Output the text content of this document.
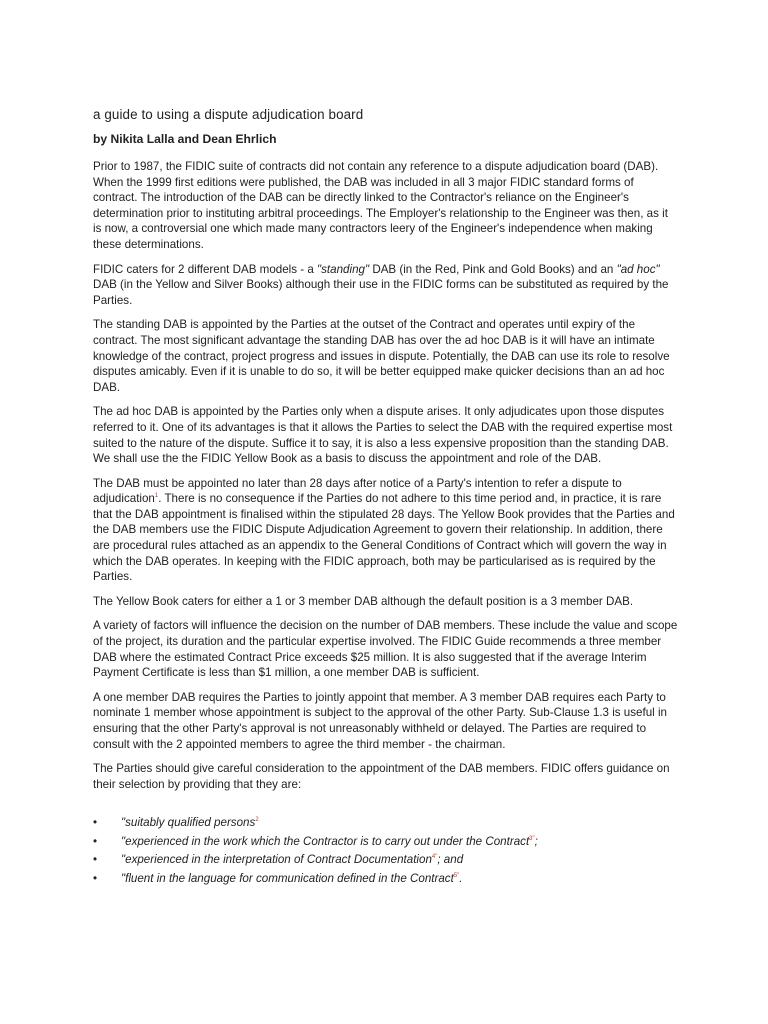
a guide to using a dispute adjudication board
by Nikita Lalla and Dean Ehrlich

Prior to 1987, the FIDIC suite of contracts did not contain any reference to a dispute adjudication board (DAB). When the 1999 first editions were published, the DAB was included in all 3 major FIDIC standard forms of contract. The introduction of the DAB can be directly linked to the Contractor's reliance on the Engineer's determination prior to instituting arbitral proceedings. The Employer's relationship to the Engineer was then, as it is now, a controversial one which made many contractors leery of the Engineer's independence when making these determinations.

FIDIC caters for 2 different DAB models - a "standing" DAB (in the Red, Pink and Gold Books) and an "ad hoc" DAB (in the Yellow and Silver Books) although their use in the FIDIC forms can be substituted as required by the Parties.

The standing DAB is appointed by the Parties at the outset of the Contract and operates until expiry of the contract. The most significant advantage the standing DAB has over the ad hoc DAB is it will have an intimate knowledge of the contract, project progress and issues in dispute. Potentially, the DAB can use its role to resolve disputes amicably. Even if it is unable to do so, it will be better equipped make quicker decisions than an ad hoc DAB.

The ad hoc DAB is appointed by the Parties only when a dispute arises. It only adjudicates upon those disputes referred to it. One of its advantages is that it allows the Parties to select the DAB with the required expertise most suited to the nature of the dispute. Suffice it to say, it is also a less expensive proposition than the standing DAB. We shall use the the FIDIC Yellow Book as a basis to discuss the appointment and role of the DAB.

The DAB must be appointed no later than 28 days after notice of a Party's intention to refer a dispute to adjudication$^1$. There is no consequence if the Parties do not adhere to this time period and, in practice, it is rare that the DAB appointment is finalised within the stipulated 28 days. The Yellow Book provides that the Parties and the DAB members use the FIDIC Dispute Adjudication Agreement to govern their relationship. In addition, there are procedural rules attached as an appendix to the General Conditions of Contract which will govern the way in which the DAB operates. In keeping with the FIDIC approach, both may be particularised as is required by the Parties.

The Yellow Book caters for either a 1 or 3 member DAB although the default position is a 3 member DAB.

A variety of factors will influence the decision on the number of DAB members. These include the value and scope of the project, its duration and the particular expertise involved. The FIDIC Guide recommends a three member DAB where the estimated Contract Price exceeds $25 million. It is also suggested that if the average Interim Payment Certificate is less than $1 million, a one member DAB is sufficient.

A one member DAB requires the Parties to jointly appoint that member. A 3 member DAB requires each Party to nominate 1 member whose appointment is subject to the approval of the other Party. Sub-Clause 1.3 is useful in ensuring that the other Party's approval is not unreasonably withheld or delayed. The Parties are required to consult with the 2 appointed members to agree the third member - the chairman.

The Parties should give careful consideration to the appointment of the DAB members. FIDIC offers guidance on their selection by providing that they are:

• "suitably qualified persons$^2$
• "experienced in the work which the Contractor is to carry out under the Contract$^{3"}$;
• "experienced in the interpretation of Contract Documentation$^{4"}$; and
• "fluent in the language for communication defined in the Contract$^{5"}$.
